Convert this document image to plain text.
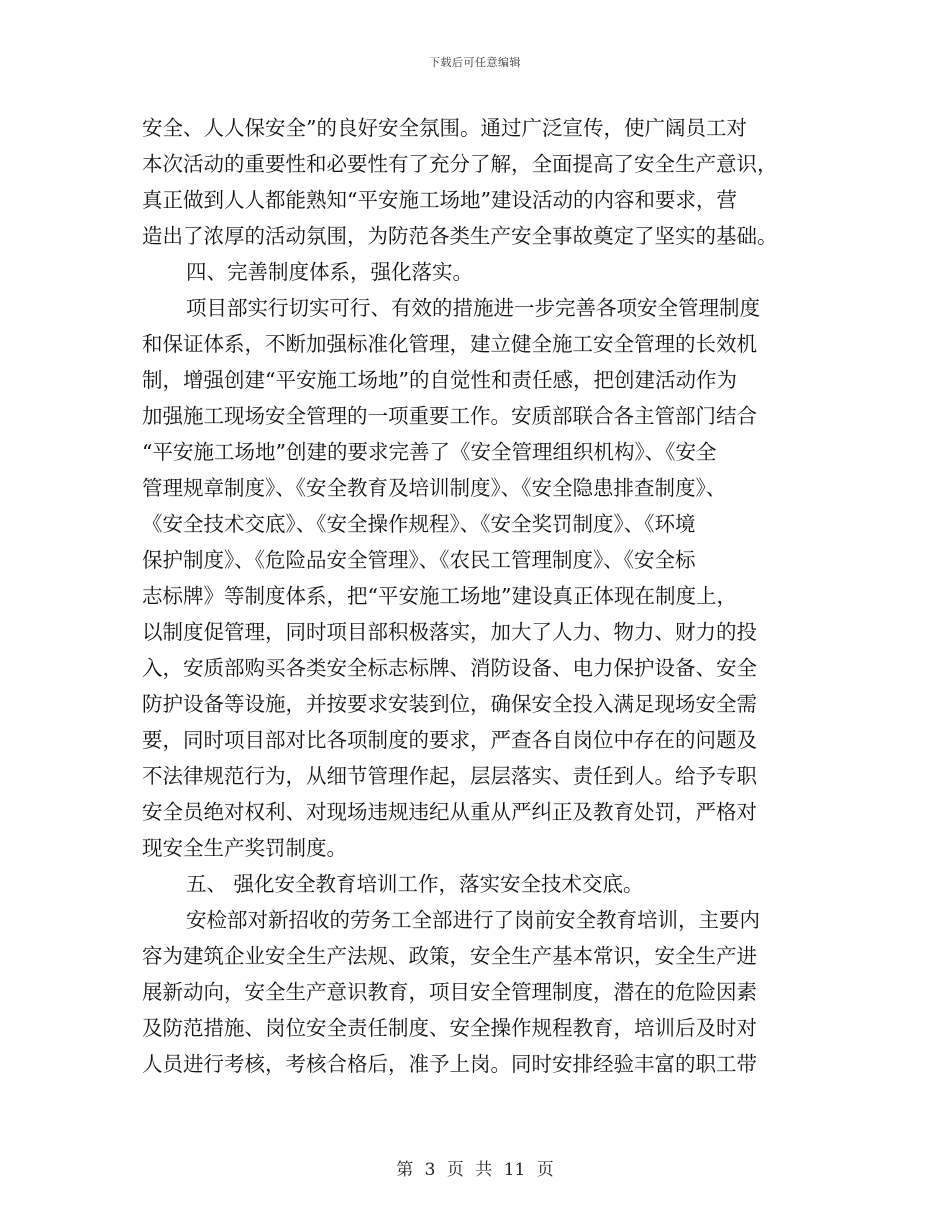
下载后可任意编辑
安全、人人保安全”的良好安全氛围。通过广泛宣传，使广阔员工对
本次活动的重要性和必要性有了充分了解，全面提高了安全生产意识，
真正做到人人都能熟知“平安施工场地”建设活动的内容和要求，营
造出了浓厚的活动氛围，为防范各类生产安全事故奠定了坚实的基础。
四、完善制度体系，强化落实。
项目部实行切实可行、有效的措施进一步完善各项安全管理制度
和保证体系，不断加强标准化管理，建立健全施工安全管理的长效机
制，增强创建“平安施工场地”的自觉性和责任感，把创建活动作为
加强施工现场安全管理的一项重要工作。安质部联合各主管部门结合
“平安施工场地”创建的要求完善了《安全管理组织机构》、《安全
管理规章制度》、《安全教育及培训制度》、《安全隐患排查制度》、
《安全技术交底》、《安全操作规程》、《安全奖罚制度》、《环境
保护制度》、《危险品安全管理》、《农民工管理制度》、《安全标
志标牌》等制度体系，把“平安施工场地”建设真正体现在制度上，
以制度促管理，同时项目部积极落实，加大了人力、物力、财力的投
入，安质部购买各类安全标志标牌、消防设备、电力保护设备、安全
防护设备等设施，并按要求安装到位，确保安全投入满足现场安全需
要，同时项目部对比各项制度的要求，严查各自岗位中存在的问题及
不法律规范行为，从细节管理作起，层层落实、责任到人。给予专职
安全员绝对权利、对现场违规违纪从重从严纠正及教育处罚，严格对
现安全生产奖罚制度。
五、 强化安全教育培训工作，落实安全技术交底。
安检部对新招收的劳务工全部进行了岗前安全教育培训，主要内
容为建筑企业安全生产法规、政策，安全生产基本常识，安全生产进
展新动向，安全生产意识教育，项目安全管理制度，潜在的危险因素
及防范措施、岗位安全责任制度、安全操作规程教育，培训后及时对
人员进行考核，考核合格后，准予上岗。同时安排经验丰富的职工带
第 3 页 共 11 页
